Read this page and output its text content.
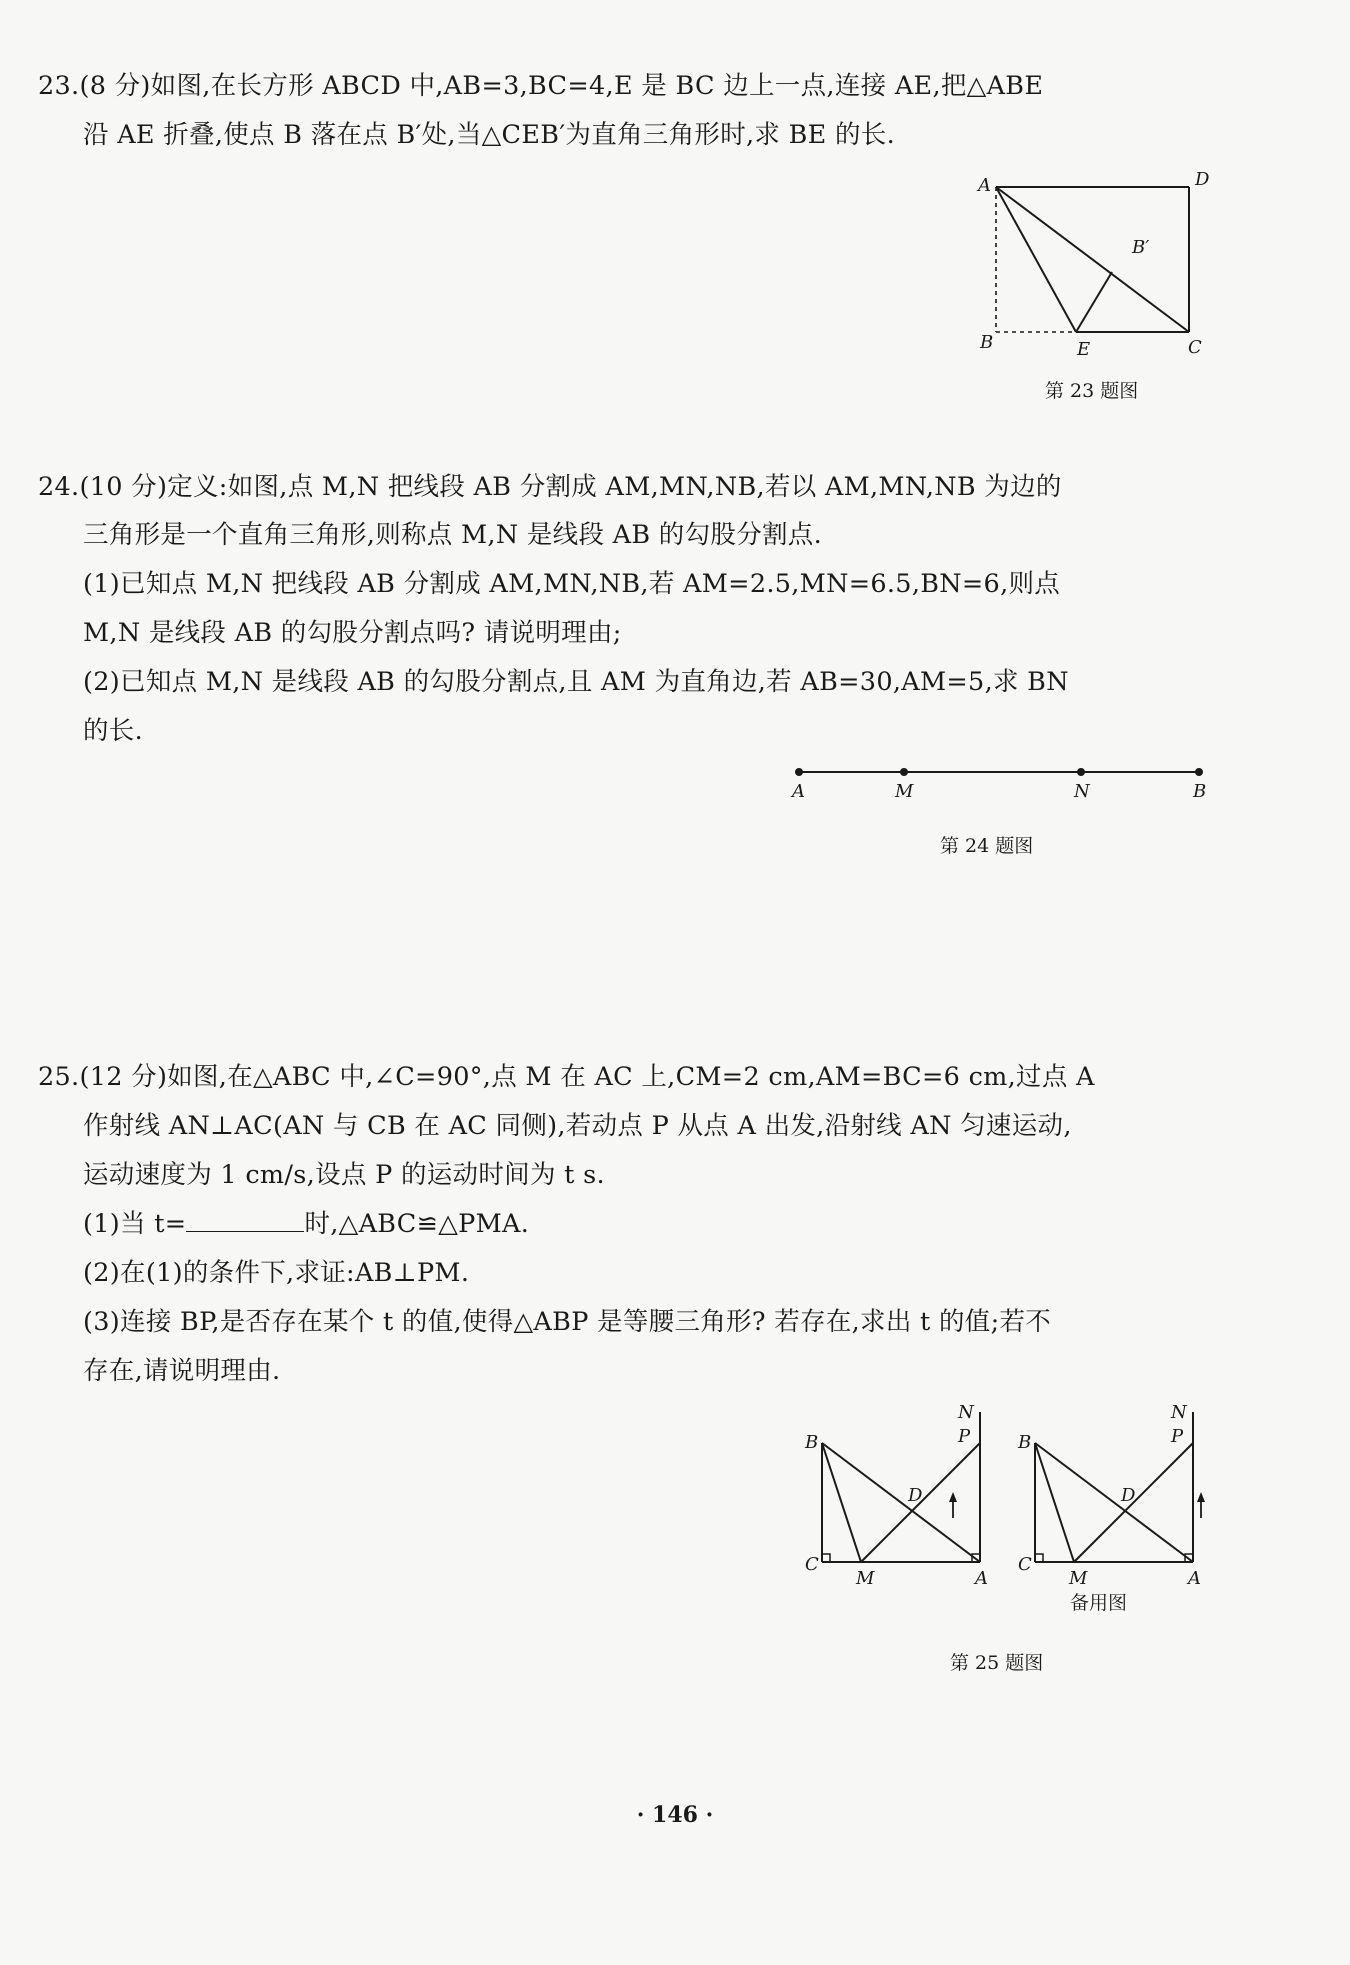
23.(8 分)如图,在长方形 ABCD 中,AB=3,BC=4,E 是 BC 边上一点,连接 AE,把△ABE
沿 AE 折叠,使点 B 落在点 B′处,当△CEB′为直角三角形时,求 BE 的长.
A	D
B	C
E
B′
第 23 题图
24.(10 分)定义:如图,点 M,N 把线段 AB 分割成 AM,MN,NB,若以 AM,MN,NB 为边的
三角形是一个直角三角形,则称点 M,N 是线段 AB 的勾股分割点.
(1)已知点 M,N 把线段 AB 分割成 AM,MN,NB,若 AM=2.5,MN=6.5,BN=6,则点
M,N 是线段 AB 的勾股分割点吗? 请说明理由;
(2)已知点 M,N 是线段 AB 的勾股分割点,且 AM 为直角边,若 AB=30,AM=5,求 BN
的长.
A	M	N	B
第 24 题图
25.(12 分)如图,在△ABC 中,∠C=90°,点 M 在 AC 上,CM=2 cm,AM=BC=6 cm,过点 A
作射线 AN⊥AC(AN 与 CB 在 AC 同侧),若动点 P 从点 A 出发,沿射线 AN 匀速运动,
运动速度为 1 cm/s,设点 P 的运动时间为 t s.
(1)当 t=	时,△ABC≌△PMA.
(2)在(1)的条件下,求证:AB⊥PM.
(3)连接 BP,是否存在某个 t 的值,使得△ABP 是等腰三角形? 若存在,求出 t 的值;若不
存在,请说明理由.
B
C
M	A
D
N
P	B
C
M	A
D
N
P
备用图
第 25 题图
· 146 ·
